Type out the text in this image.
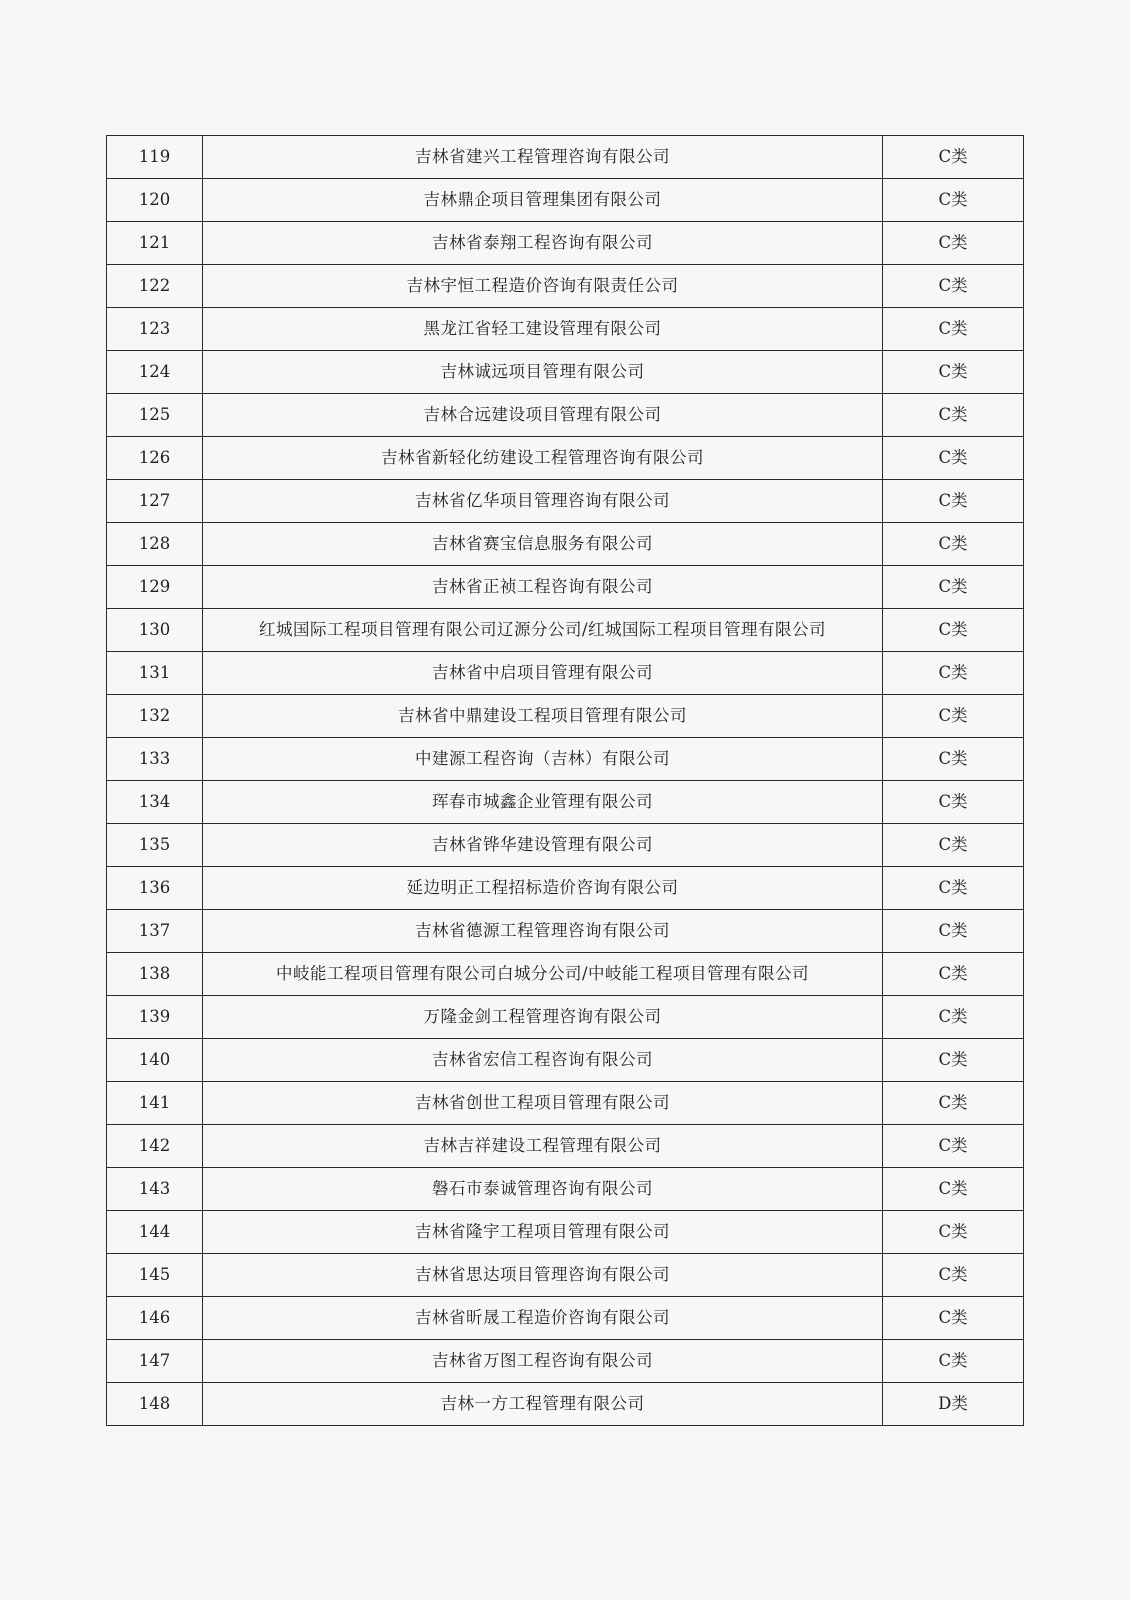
119	吉林省建兴工程管理咨询有限公司	C类
120	吉林鼎企项目管理集团有限公司	C类
121	吉林省泰翔工程咨询有限公司	C类
122	吉林宇恒工程造价咨询有限责任公司	C类
123	黑龙江省轻工建设管理有限公司	C类
124	吉林诚远项目管理有限公司	C类
125	吉林合远建设项目管理有限公司	C类
126	吉林省新轻化纺建设工程管理咨询有限公司	C类
127	吉林省亿华项目管理咨询有限公司	C类
128	吉林省赛宝信息服务有限公司	C类
129	吉林省正祯工程咨询有限公司	C类
130	红城国际工程项目管理有限公司辽源分公司/红城国际工程项目管理有限公司	C类
131	吉林省中启项目管理有限公司	C类
132	吉林省中鼎建设工程项目管理有限公司	C类
133	中建源工程咨询（吉林）有限公司	C类
134	珲春市城鑫企业管理有限公司	C类
135	吉林省铧华建设管理有限公司	C类
136	延边明正工程招标造价咨询有限公司	C类
137	吉林省德源工程管理咨询有限公司	C类
138	中岐能工程项目管理有限公司白城分公司/中岐能工程项目管理有限公司	C类
139	万隆金剑工程管理咨询有限公司	C类
140	吉林省宏信工程咨询有限公司	C类
141	吉林省创世工程项目管理有限公司	C类
142	吉林吉祥建设工程管理有限公司	C类
143	磐石市泰诚管理咨询有限公司	C类
144	吉林省隆宇工程项目管理有限公司	C类
145	吉林省思达项目管理咨询有限公司	C类
146	吉林省昕晟工程造价咨询有限公司	C类
147	吉林省万图工程咨询有限公司	C类
148	吉林一方工程管理有限公司	D类
